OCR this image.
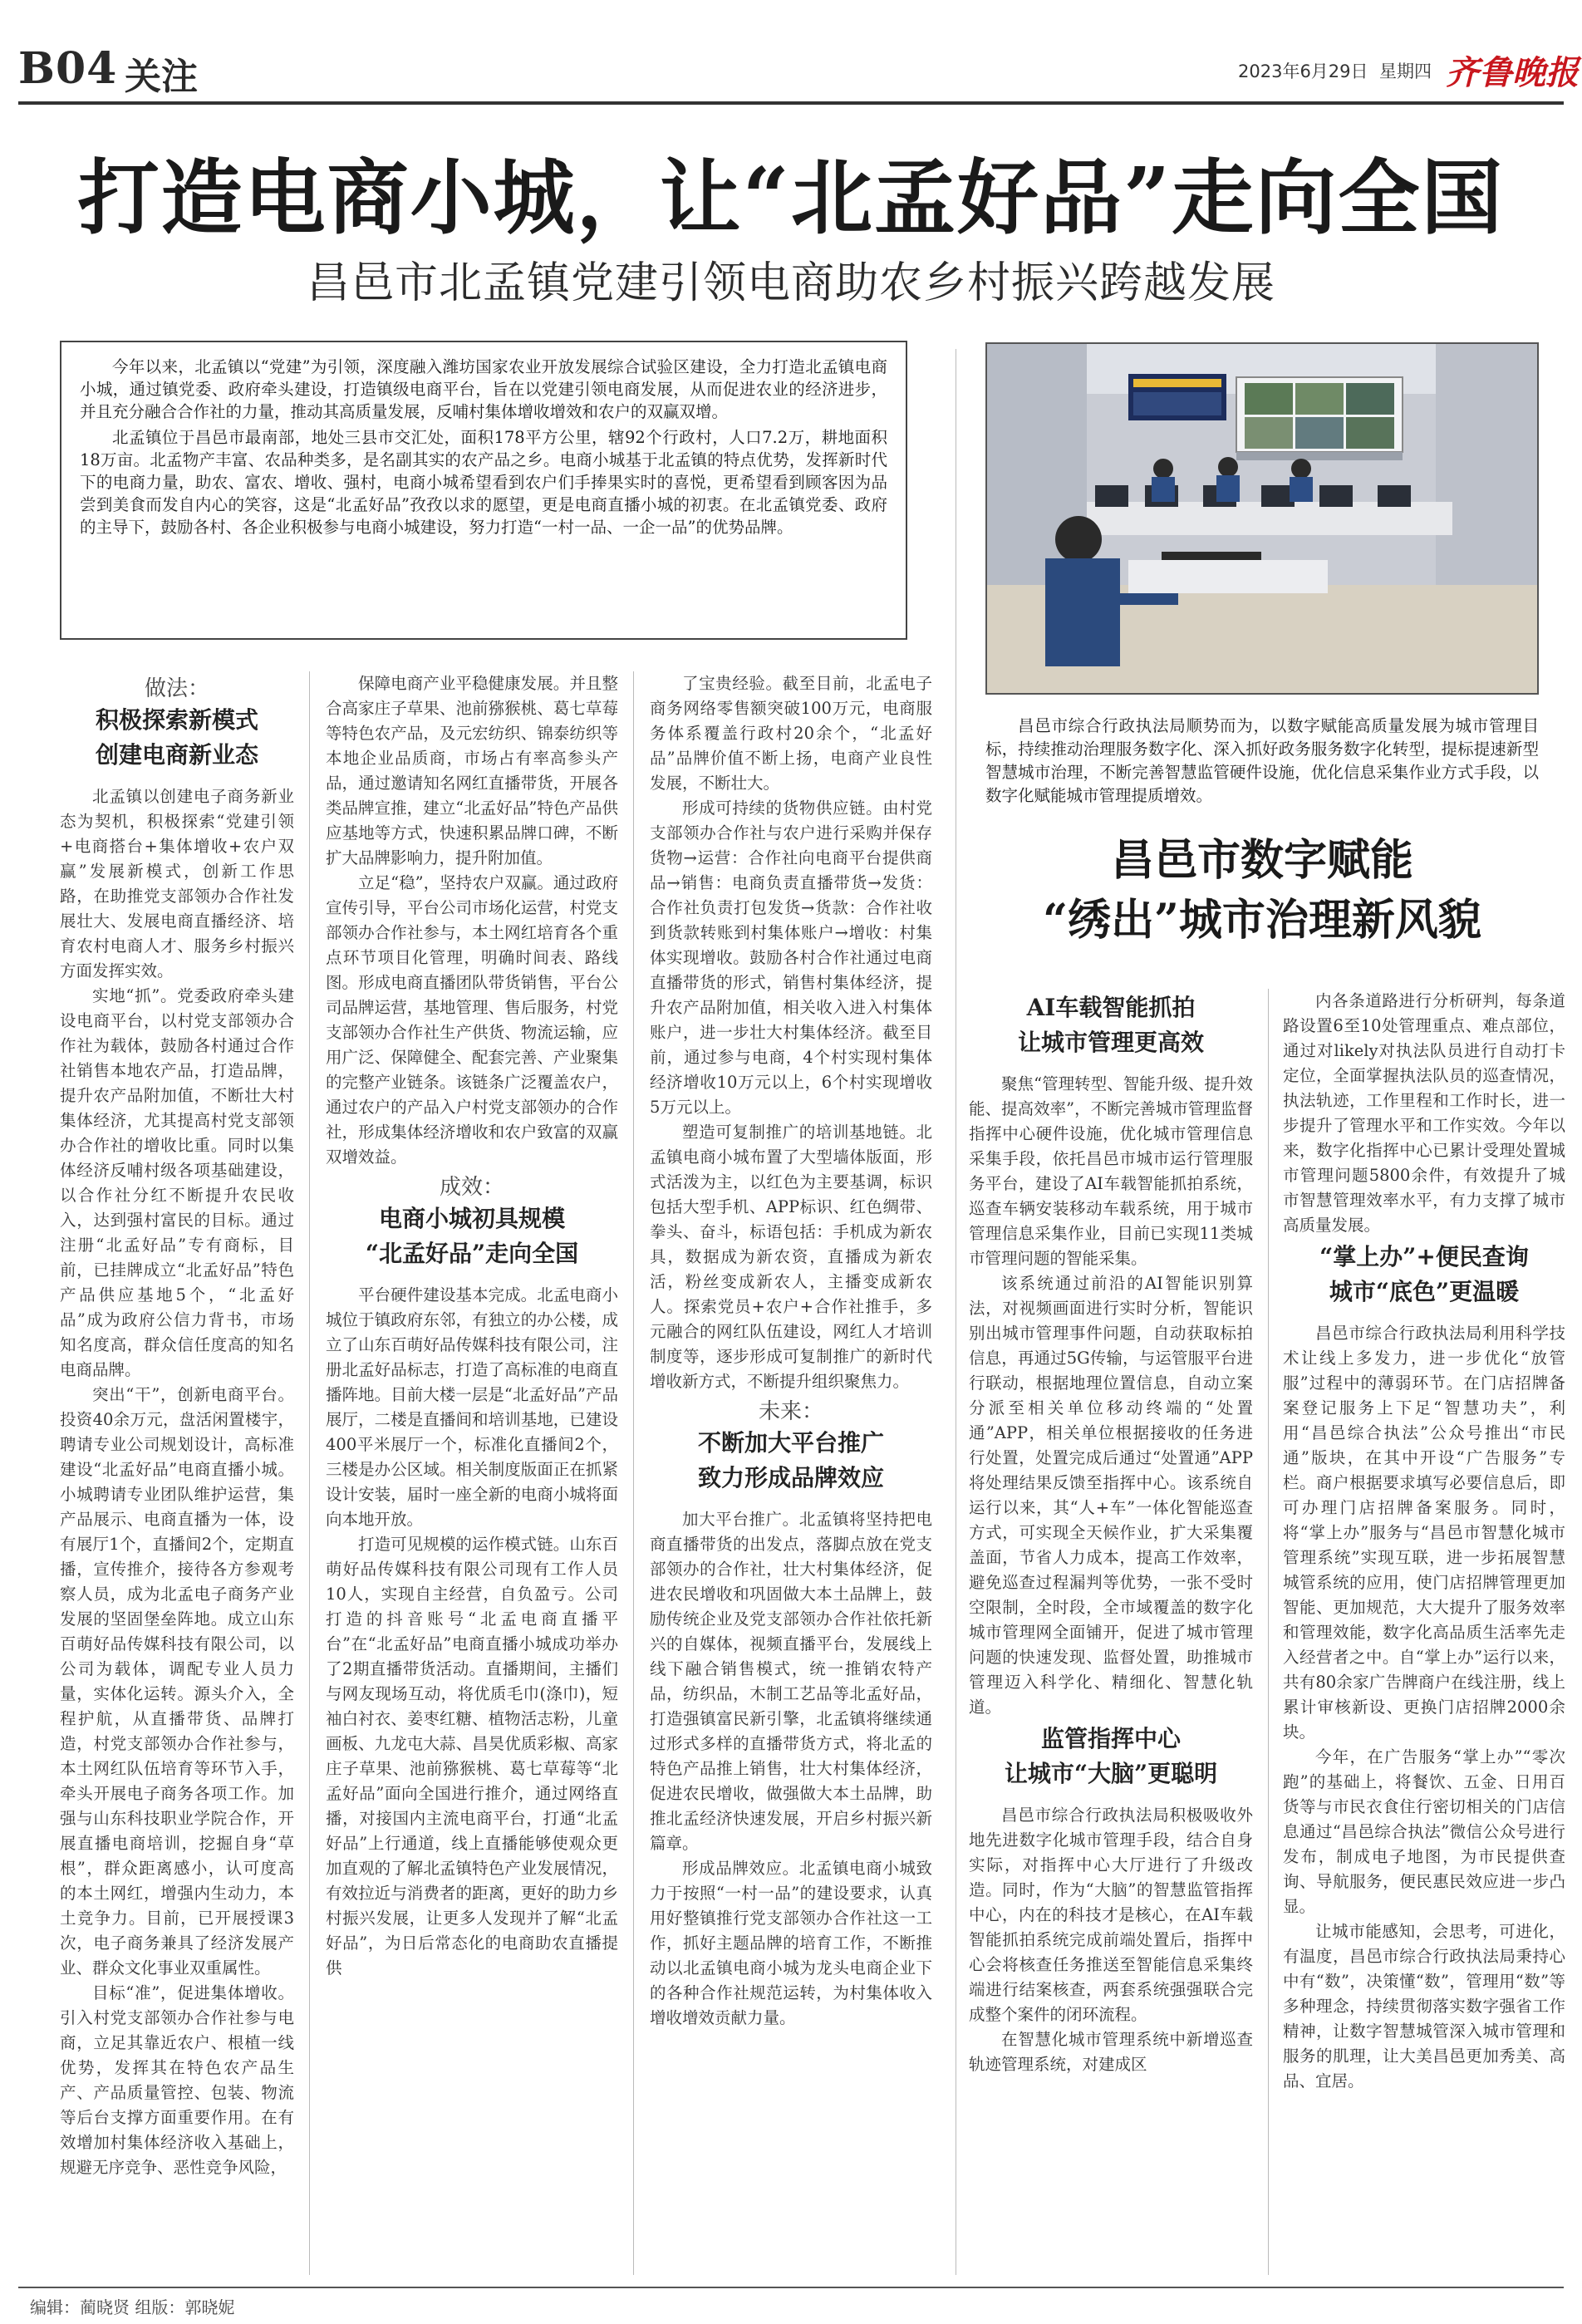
B04 关注	2023年6月29日 星期四 齐鲁晚报
打造电商小城，让“北孟好品”走向全国
昌邑市北孟镇党建引领电商助农乡村振兴跨越发展

今年以来，北孟镇以“党建”为引领，深度融入潍坊国家农业开放发展综合试验区建设，全力打造北孟镇电商小城，通过镇党委、政府牵头建设，打造镇级电商平台，旨在以党建引领电商发展，从而促进农业的经济进步，并且充分融合合作社的力量，推动其高质量发展，反哺村集体增收增效和农户的双赢双增。

北孟镇位于昌邑市最南部，地处三县市交汇处，面积178平方公里，辖92个行政村，人口7.2万，耕地面积18万亩。北孟物产丰富、农品种类多，是名副其实的农产品之乡。电商小城基于北孟镇的特点优势，发挥新时代下的电商力量，助农、富农、增收、强村，电商小城希望看到农户们手捧果实时的喜悦，更希望看到顾客因为品尝到美食而发自内心的笑容，这是“北孟好品”孜孜以求的愿望，更是电商直播小城的初衷。在北孟镇党委、政府的主导下，鼓励各村、各企业积极参与电商小城建设，努力打造“一村一品、一企一品”的优势品牌。

昌邑市综合行政执法局顺势而为，以数字赋能高质量发展为城市管理目标，持续推动治理服务数字化、深入抓好政务服务数字化转型，提标提速新型智慧城市治理，不断完善智慧监管硬件设施，优化信息采集作业方式手段，以数字化赋能城市管理提质增效。
做法：
积极探索新模式
创建电商新业态

北孟镇以创建电子商务新业态为契机，积极探索“党建引领+电商搭台+集体增收+农户双赢”发展新模式，创新工作思路，在助推党支部领办合作社发展壮大、发展电商直播经济、培育农村电商人才、服务乡村振兴方面发挥实效。

实地“抓”。党委政府牵头建设电商平台，以村党支部领办合作社为载体，鼓励各村通过合作社销售本地农产品，打造品牌，提升农产品附加值，不断壮大村集体经济，尤其提高村党支部领办合作社的增收比重。同时以集体经济反哺村级各项基础建设，以合作社分红不断提升农民收入，达到强村富民的目标。通过注册“北孟好品”专有商标，目前，已挂牌成立“北孟好品”特色产品供应基地5个，“北孟好品”成为政府公信力背书，市场知名度高，群众信任度高的知名电商品牌。

突出“干”，创新电商平台。投资40余万元，盘活闲置楼宇，聘请专业公司规划设计，高标准建设“北孟好品”电商直播小城。小城聘请专业团队维护运营，集产品展示、电商直播为一体，设有展厅1个，直播间2个，定期直播，宣传推介，接待各方参观考察人员，成为北孟电子商务产业发展的坚固堡垒阵地。成立山东百萌好品传媒科技有限公司，以公司为载体，调配专业人员力量，实体化运转。源头介入，全程护航，从直播带货、品牌打造，村党支部领办合作社参与，本土网红队伍培育等环节入手，牵头开展电子商务各项工作。加强与山东科技职业学院合作，开展直播电商培训，挖掘自身“草根”，群众距离感小，认可度高的本土网红，增强内生动力，本土竞争力。目前，已开展授课3次，电子商务兼具了经济发展产业、群众文化事业双重属性。

目标“准”，促进集体增收。引入村党支部领办合作社参与电商，立足其靠近农户、根植一线优势，发挥其在特色农产品生产、产品质量管控、包装、物流等后台支撑方面重要作用。在有效增加村集体经济收入基础上，规避无序竞争、恶性竞争风险，

保障电商产业平稳健康发展。并且整合高家庄子草果、池前猕猴桃、葛七草莓等特色农产品，及元宏纺织、锦泰纺织等本地企业品质商，市场占有率高参头产品，通过邀请知名网红直播带货，开展各类品牌宣推，建立“北孟好品”特色产品供应基地等方式，快速积累品牌口碑，不断扩大品牌影响力，提升附加值。

立足“稳”，坚持农户双赢。通过政府宣传引导，平台公司市场化运营，村党支部领办合作社参与，本土网红培育各个重点环节项目化管理，明确时间表、路线图。形成电商直播团队带货销售，平台公司品牌运营，基地管理、售后服务，村党支部领办合作社生产供货、物流运输，应用广泛、保障健全、配套完善、产业聚集的完整产业链条。该链条广泛覆盖农户，通过农户的产品入户村党支部领办的合作社，形成集体经济增收和农户致富的双赢双增效益。

成效：
电商小城初具规模
“北孟好品”走向全国

平台硬件建设基本完成。北孟电商小城位于镇政府东邻，有独立的办公楼，成立了山东百萌好品传媒科技有限公司，注册北孟好品标志，打造了高标准的电商直播阵地。目前大楼一层是“北孟好品”产品展厅，二楼是直播间和培训基地，已建设400平米展厅一个，标准化直播间2个，三楼是办公区域。相关制度版面正在抓紧设计安装，届时一座全新的电商小城将面向本地开放。

打造可见规模的运作模式链。山东百萌好品传媒科技有限公司现有工作人员10人，实现自主经营，自负盈亏。公司打造的抖音账号“北孟电商直播平台”在“北孟好品”电商直播小城成功举办了2期直播带货活动。直播期间，主播们与网友现场互动，将优质毛巾(涤巾)，短袖白衬衣、姜枣红糖、植物活志粉，儿童画板、九龙屯大蒜、昌昊优质彩椒、高家庄子草果、池前猕猴桃、葛七草莓等“北孟好品”面向全国进行推介，通过网络直播，对接国内主流电商平台，打通“北孟好品”上行通道，线上直播能够使观众更加直观的了解北孟镇特色产业发展情况，有效拉近与消费者的距离，更好的助力乡村振兴发展，让更多人发现并了解“北孟好品”，为日后常态化的电商助农直播提供

了宝贵经验。截至目前，北孟电子商务网络零售额突破100万元，电商服务体系覆盖行政村20余个，“北孟好品”品牌价值不断上扬，电商产业良性发展，不断壮大。

形成可持续的货物供应链。由村党支部领办合作社与农户进行采购并保存货物→运营：合作社向电商平台提供商品→销售：电商负责直播带货→发货：合作社负责打包发货→货款：合作社收到货款转账到村集体账户→增收：村集体实现增收。鼓励各村合作社通过电商直播带货的形式，销售村集体经济，提升农产品附加值，相关收入进入村集体账户，进一步壮大村集体经济。截至目前，通过参与电商，4个村实现村集体经济增收10万元以上，6个村实现增收5万元以上。

塑造可复制推广的培训基地链。北孟镇电商小城布置了大型墙体版面，形式活泼为主，以红色为主要基调，标识包括大型手机、APP标识、红色绸带、拳头、奋斗，标语包括：手机成为新农具，数据成为新农资，直播成为新农活，粉丝变成新农人，主播变成新农人。探索党员+农户+合作社推手，多元融合的网红队伍建设，网红人才培训制度等，逐步形成可复制推广的新时代增收新方式，不断提升组织聚焦力。

未来：
不断加大平台推广
致力形成品牌效应

加大平台推广。北孟镇将坚持把电商直播带货的出发点，落脚点放在党支部领办的合作社，壮大村集体经济，促进农民增收和巩固做大本土品牌上，鼓励传统企业及党支部领办合作社依托新兴的自媒体，视频直播平台，发展线上线下融合销售模式，统一推销农特产品，纺织品，木制工艺品等北孟好品，打造强镇富民新引擎，北孟镇将继续通过形式多样的直播带货方式，将北孟的特色产品推上销售，壮大村集体经济，促进农民增收，做强做大本土品牌，助推北孟经济快速发展，开启乡村振兴新篇章。

形成品牌效应。北孟镇电商小城致力于按照“一村一品”的建设要求，认真用好整镇推行党支部领办合作社这一工作，抓好主题品牌的培育工作，不断推动以北孟镇电商小城为龙头电商企业下的各种合作社规范运转，为村集体收入增收增效贡献力量。

昌邑市数字赋能
“绣出”城市治理新风貌
AI车载智能抓拍
让城市管理更高效

聚焦“管理转型、智能升级、提升效能、提高效率”，不断完善城市管理监督指挥中心硬件设施，优化城市管理信息采集手段，依托昌邑市城市运行管理服务平台，建设了AI车载智能抓拍系统，巡查车辆安装移动车载系统，用于城市管理信息采集作业，目前已实现11类城市管理问题的智能采集。

该系统通过前沿的AI智能识别算法，对视频画面进行实时分析，智能识别出城市管理事件问题，自动获取标拍信息，再通过5G传输，与运管服平台进行联动，根据地理位置信息，自动立案分派至相关单位移动终端的“处置通”APP，相关单位根据接收的任务进行处置，处置完成后通过“处置通”APP将处理结果反馈至指挥中心。该系统自运行以来，其“人+车”一体化智能巡查方式，可实现全天候作业，扩大采集覆盖面，节省人力成本，提高工作效率，避免巡查过程漏判等优势，一张不受时空限制，全时段，全市域覆盖的数字化城市管理网全面铺开，促进了城市管理问题的快速发现、监督处置，助推城市管理迈入科学化、精细化、智慧化轨道。

监管指挥中心
让城市“大脑”更聪明

昌邑市综合行政执法局积极吸收外地先进数字化城市管理手段，结合自身实际，对指挥中心大厅进行了升级改造。同时，作为“大脑”的智慧监管指挥中心，内在的科技才是核心，在AI车载智能抓拍系统完成前端处置后，指挥中心会将核查任务推送至智能信息采集终端进行结案核查，两套系统强强联合完成整个案件的闭环流程。

在智慧化城市管理系统中新增巡查轨迹管理系统，对建成区

内各条道路进行分析研判，每条道路设置6至10处管理重点、难点部位，通过对likely对执法队员进行自动打卡定位，全面掌握执法队员的巡查情况，执法轨迹，工作里程和工作时长，进一步提升了管理水平和工作实效。今年以来，数字化指挥中心已累计受理处置城市管理问题5800余件，有效提升了城市智慧管理效率水平，有力支撑了城市高质量发展。

“掌上办”+便民查询
城市“底色”更温暖

昌邑市综合行政执法局利用科学技术让线上多发力，进一步优化“放管服”过程中的薄弱环节。在门店招牌备案登记服务上下足“智慧功夫”，利用“昌邑综合执法”公众号推出“市民通”版块，在其中开设“广告服务”专栏。商户根据要求填写必要信息后，即可办理门店招牌备案服务。同时，将“掌上办”服务与“昌邑市智慧化城市管理系统”实现互联，进一步拓展智慧城管系统的应用，使门店招牌管理更加智能、更加规范，大大提升了服务效率和管理效能，数字化高品质生活率先走入经营者之中。自“掌上办”运行以来，共有80余家广告牌商户在线注册，线上累计审核新设、更换门店招牌2000余块。

今年，在广告服务“掌上办”“零次跑”的基础上，将餐饮、五金、日用百货等与市民衣食住行密切相关的门店信息通过“昌邑综合执法”微信公众号进行发布，制成电子地图，为市民提供查询、导航服务，便民惠民效应进一步凸显。

让城市能感知，会思考，可进化，有温度，昌邑市综合行政执法局秉持心中有“数”，决策懂“数”，管理用“数”等多种理念，持续贯彻落实数字强省工作精神，让数字智慧城管深入城市管理和服务的肌理，让大美昌邑更加秀美、高品、宜居。

编辑：蔺晓贤 组版：郭晓妮
